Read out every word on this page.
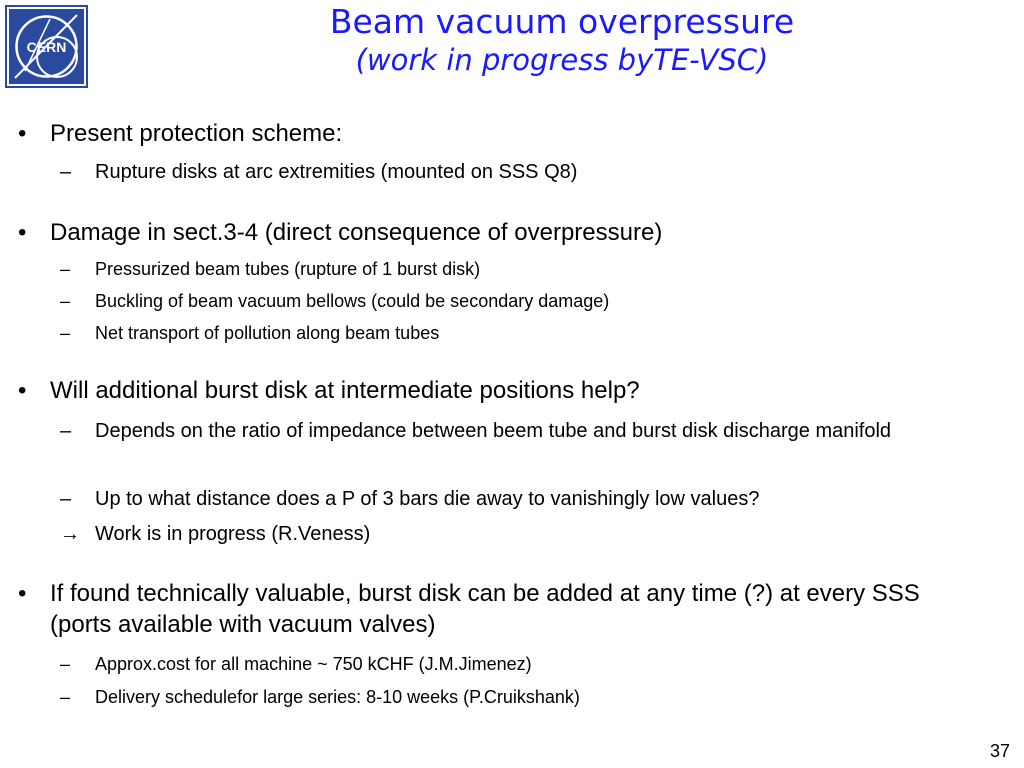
CERN
Beam vacuum overpressure
(work in progress byTE-VSC)
• Present protection scheme:
– Rupture disks at arc extremities (mounted on SSS Q8)
• Damage in sect.3-4 (direct consequence of overpressure)
– Pressurized beam tubes (rupture of 1 burst disk)
– Buckling of beam vacuum bellows (could be secondary damage)
– Net transport of pollution along beam tubes
• Will additional burst disk at intermediate positions help?
– Depends on the ratio of impedance between beem tube and burst disk discharge manifold
– Up to what distance does a P of 3 bars die away to vanishingly low values?
→ Work is in progress (R.Veness)
• If found technically valuable, burst disk can be added at any time (?) at every SSS (ports available with vacuum valves)
– Approx.cost for all machine ~ 750 kCHF (J.M.Jimenez)
– Delivery schedulefor large series: 8-10 weeks (P.Cruikshank)
37
